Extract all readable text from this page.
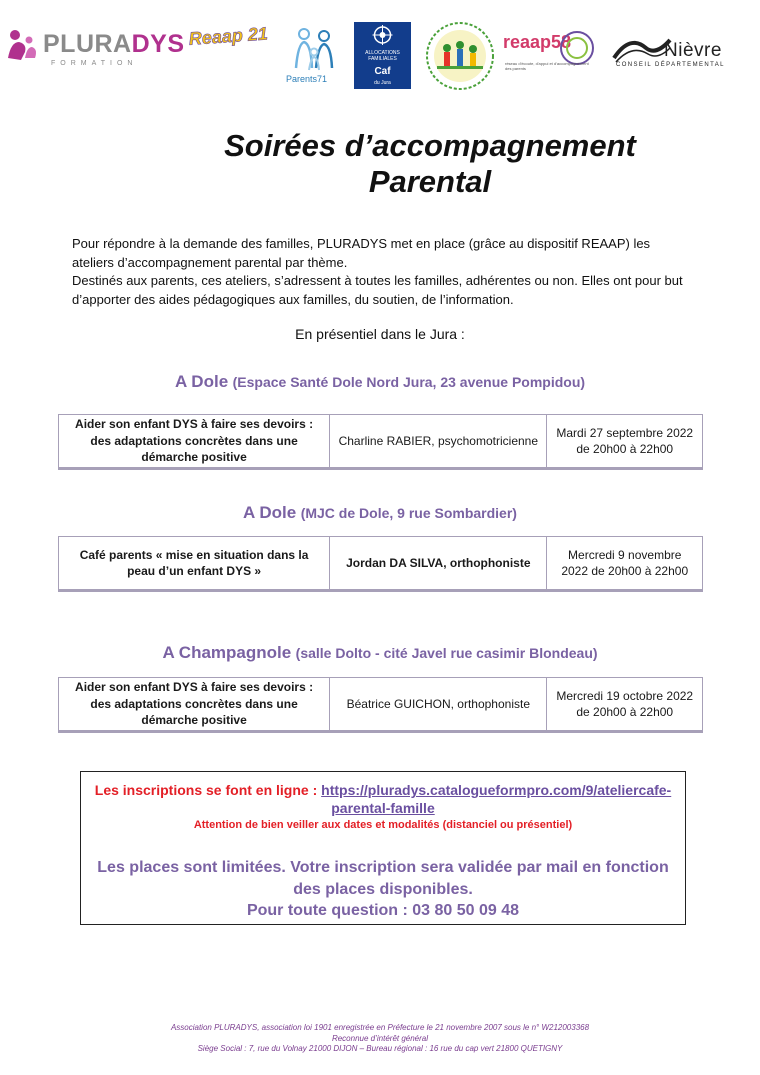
PLURADYS
FORMATION
Reaap 21
Parents71
ALLOCATIONS
FAMILIALES
Caf
du Jura
reaap58
réseau d'écoute, d'appui et d'accompagnement des parents
Nièvre
CONSEIL DÉPARTEMENTAL
Soirées d’accompagnement
Parental

Pour répondre à la demande des familles, PLURADYS met en place (grâce au dispositif REAAP) les ateliers d’accompagnement parental par thème.

Destinés aux parents, ces ateliers, s’adressent à toutes les familles, adhérentes ou non. Elles ont pour but d’apporter des aides pédagogiques aux familles, du soutien, de l’information.

En présentiel dans le Jura :
A Dole (Espace Santé Dole Nord Jura, 23 avenue Pompidou)
Aider son enfant DYS à faire ses devoirs : des adaptations concrètes dans une démarche positive
Charline RABIER, psychomotricienne
Mardi 27 septembre 2022 de 20h00 à 22h00
A Dole (MJC de Dole, 9 rue Sombardier)
Café parents « mise en situation dans la peau d’un enfant DYS »
Jordan DA SILVA, orthophoniste
Mercredi 9 novembre 2022 de 20h00 à 22h00
A Champagnole (salle Dolto - cité Javel rue casimir Blondeau)
Aider son enfant DYS à faire ses devoirs : des adaptations concrètes dans une démarche positive
Béatrice GUICHON, orthophoniste
Mercredi 19 octobre 2022 de 20h00 à 22h00
Les inscriptions se font en ligne : https://pluradys.catalogueformpro.com/9/ateliercafe-
parental-famille
Attention de bien veiller aux dates et modalités (distanciel ou présentiel)
Les places sont limitées. Votre inscription sera validée par mail en fonction des places disponibles.
Pour toute question : 03 80 50 09 48
Association PLURADYS, association loi 1901 enregistrée en Préfecture le 21 novembre 2007 sous le n° W212003368
Reconnue d’intérêt général
Siège Social : 7, rue du Volnay 21000 DIJON – Bureau régional : 16 rue du cap vert 21800 QUETIGNY
